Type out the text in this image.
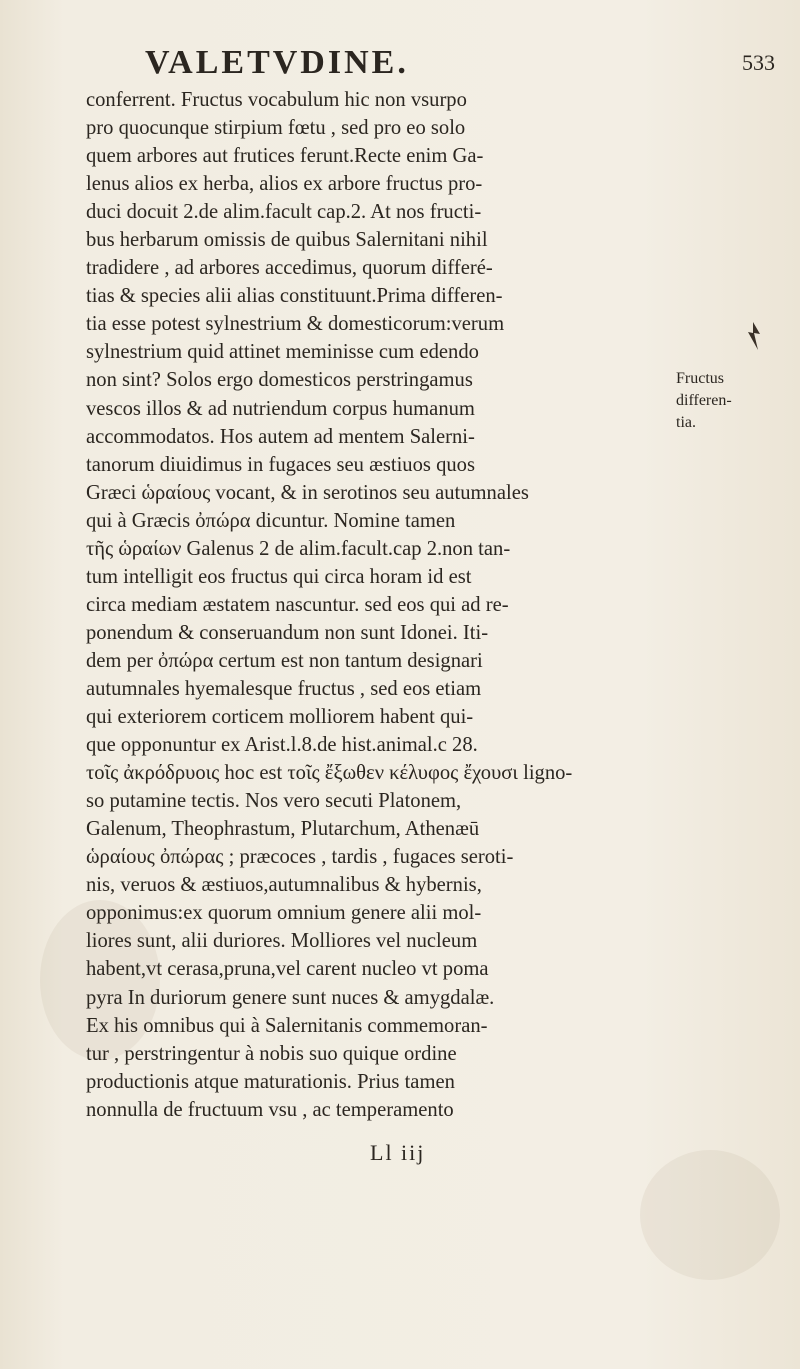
VALETVDINE.	533
Fructus
differen-
tia.
conferrent. Fructus vocabulum hic non vsurpo
pro quocunque stirpium fœtu , sed pro eo solo
quem arbores aut frutices ferunt.Recte enim Ga-
lenus alios ex herba, alios ex arbore fructus pro-
duci docuit 2.de alim.facult cap.2. At nos fructi-
bus herbarum omissis de quibus Salernitani nihil
tradidere , ad arbores accedimus, quorum differé-
tias & species alii alias constituunt.Prima differen-
tia esse potest sylnestrium & domesticorum:verum
sylnestrium quid attinet meminisse cum edendo
non sint? Solos ergo domesticos perstringamus
vescos illos & ad nutriendum corpus humanum
accommodatos. Hos autem ad mentem Salerni-
tanorum diuidimus in fugaces seu æstiuos quos
Græci ὡραίους vocant, & in serotinos seu autumnales
qui à Græcis ὀπώρα dicuntur. Nomine tamen
τῆς ὡραίων Galenus 2 de alim.facult.cap 2.non tan-
tum intelligit eos fructus qui circa horam id est
circa mediam æstatem nascuntur. sed eos qui ad re-
ponendum & conseruandum non sunt Idonei. Iti-
dem per ὀπώρα certum est non tantum designari
autumnales hyemalesque fructus , sed eos etiam
qui exteriorem corticem molliorem habent qui-
que opponuntur ex Arist.l.8.de hist.animal.c 28.
τοῖς ἀκρόδρυοις hoc est τοῖς ἔξωθεν κέλυφος ἔχουσι ligno-
so putamine tectis. Nos vero secuti Platonem,
Galenum, Theophrastum, Plutarchum, Athenæū
ὡραίους ὀπώρας ; præcoces , tardis , fugaces seroti-
nis, veruos & æstiuos,autumnalibus & hybernis,
opponimus:ex quorum omnium genere alii mol-
liores sunt, alii duriores. Molliores vel nucleum
habent,vt cerasa,pruna,vel carent nucleo vt poma
pyra In duriorum genere sunt nuces & amygdalæ.
Ex his omnibus qui à Salernitanis commemoran-
tur , perstringentur à nobis suo quique ordine
productionis atque maturationis. Prius tamen
nonnulla de fructuum vsu , ac temperamento
Ll iij
